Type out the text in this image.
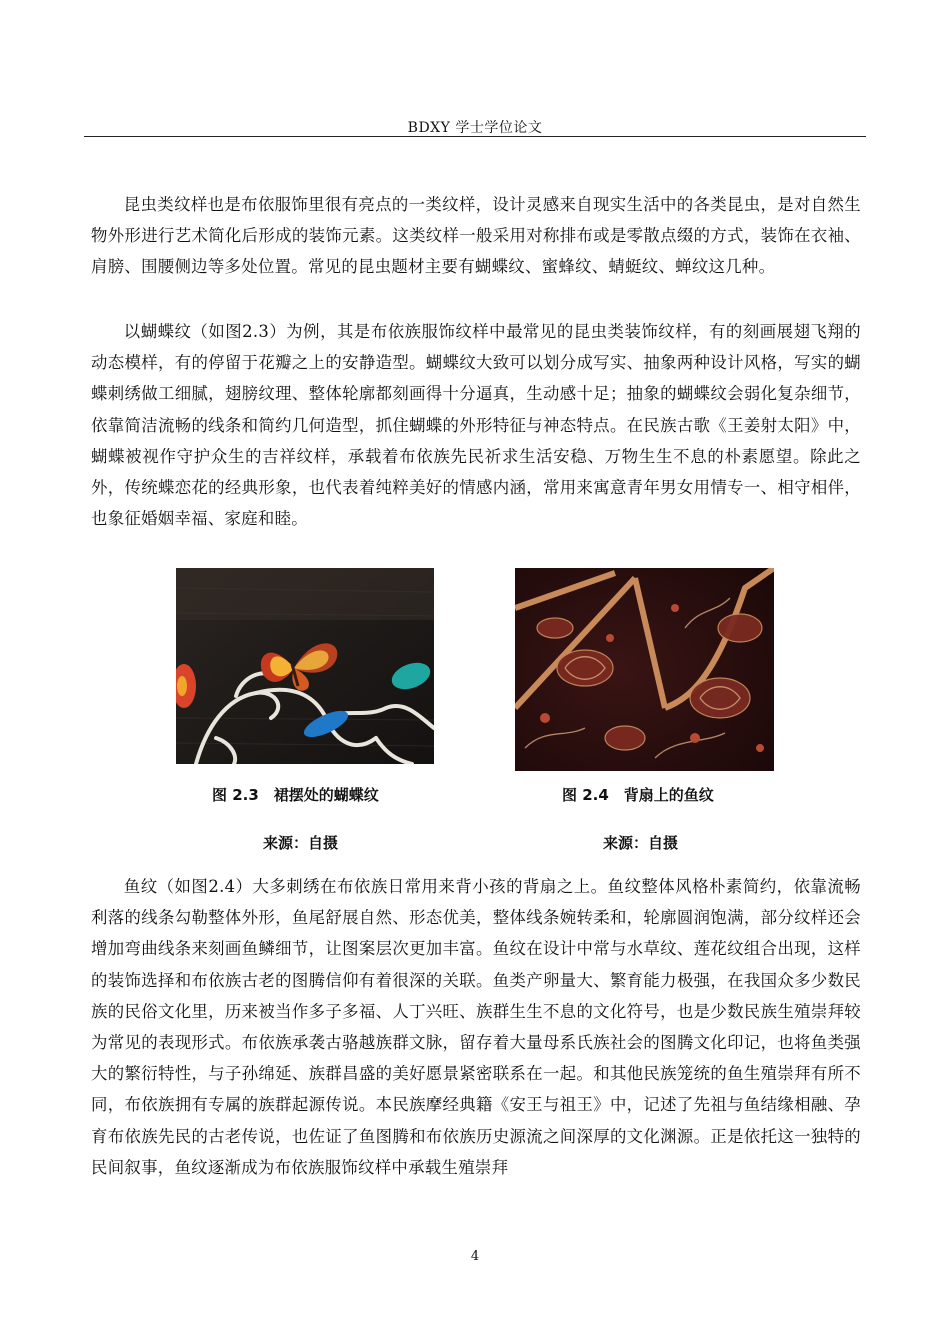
BDXY 学士学位论文

昆虫类纹样也是布依服饰里很有亮点的一类纹样，设计灵感来自现实生活中的各类昆虫，是对自然生物外形进行艺术简化后形成的装饰元素。这类纹样一般采用对称排布或是零散点缀的方式，装饰在衣袖、肩膀、围腰侧边等多处位置。常见的昆虫题材主要有蝴蝶纹、蜜蜂纹、蜻蜓纹、蝉纹这几种。

以蝴蝶纹（如图2.3）为例，其是布依族服饰纹样中最常见的昆虫类装饰纹样，有的刻画展翅飞翔的动态模样，有的停留于花瓣之上的安静造型。蝴蝶纹大致可以划分成写实、抽象两种设计风格，写实的蝴蝶刺绣做工细腻，翅膀纹理、整体轮廓都刻画得十分逼真，生动感十足；抽象的蝴蝶纹会弱化复杂细节，依靠简洁流畅的线条和简约几何造型，抓住蝴蝶的外形特征与神态特点。在民族古歌《王姜射太阳》中，蝴蝶被视作守护众生的吉祥纹样，承载着布依族先民祈求生活安稳、万物生生不息的朴素愿望。除此之外，传统蝶恋花的经典形象，也代表着纯粹美好的情感内涵，常用来寓意青年男女用情专一、相守相伴，也象征婚姻幸福、家庭和睦。

图 2.3　裙摆处的蝴蝶纹	图 2.4　背扇上的鱼纹
来源：自摄	来源：自摄

鱼纹（如图2.4）大多刺绣在布依族日常用来背小孩的背扇之上。鱼纹整体风格朴素简约，依靠流畅利落的线条勾勒整体外形，鱼尾舒展自然、形态优美，整体线条婉转柔和，轮廓圆润饱满，部分纹样还会增加弯曲线条来刻画鱼鳞细节，让图案层次更加丰富。鱼纹在设计中常与水草纹、莲花纹组合出现，这样的装饰选择和布依族古老的图腾信仰有着很深的关联。鱼类产卵量大、繁育能力极强，在我国众多少数民族的民俗文化里，历来被当作多子多福、人丁兴旺、族群生生不息的文化符号，也是少数民族生殖崇拜较为常见的表现形式。布依族承袭古骆越族群文脉，留存着大量母系氏族社会的图腾文化印记，也将鱼类强大的繁衍特性，与子孙绵延、族群昌盛的美好愿景紧密联系在一起。和其他民族笼统的鱼生殖崇拜有所不同，布依族拥有专属的族群起源传说。本民族摩经典籍《安王与祖王》中，记述了先祖与鱼结缘相融、孕育布依族先民的古老传说，也佐证了鱼图腾和布依族历史源流之间深厚的文化渊源。正是依托这一独特的民间叙事，鱼纹逐渐成为布依族服饰纹样中承载生殖崇拜

4
